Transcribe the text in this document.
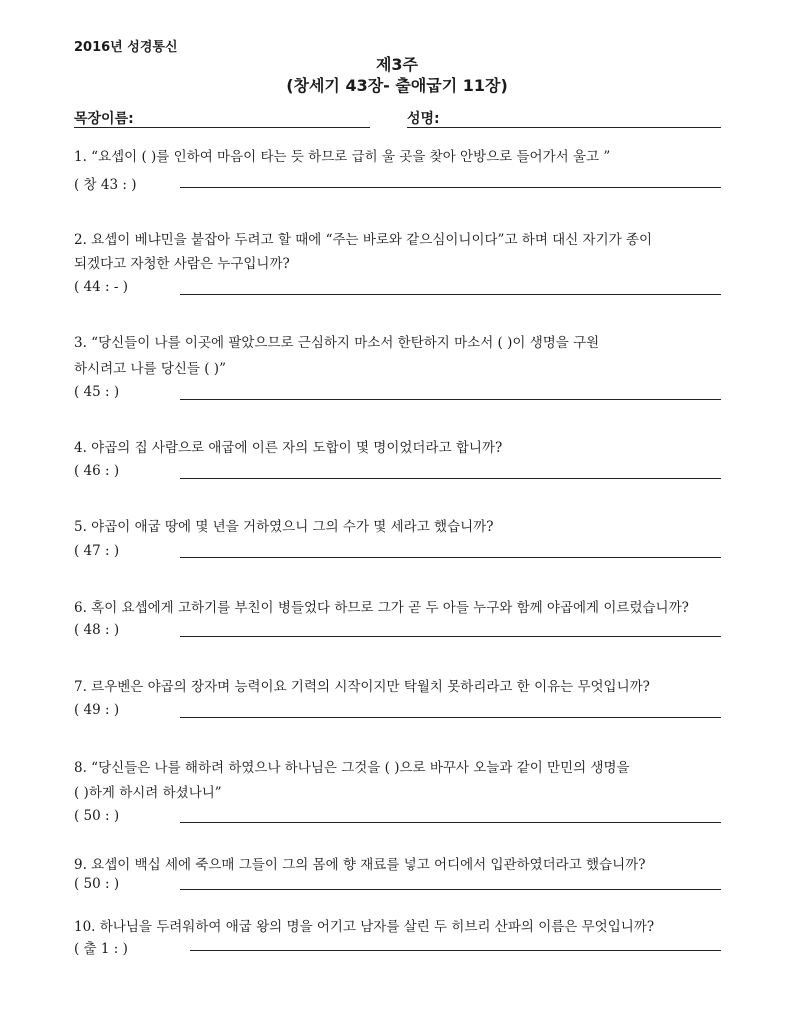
2016년 성경통신
제3주
(창세기 43장- 출애굽기 11장)
목장이름:	성명:
1. “요셉이 ( )를 인하여 마음이 타는 듯 하므로 급히 울 곳을 찾아 안방으로 들어가서 울고 ”
( 창 43 : )
2. 요셉이 베냐민을 붙잡아 두려고 할 때에 “주는 바로와 같으심이니이다”고 하며 대신 자기가 종이
되겠다고 자청한 사람은 누구입니까?
( 44 : - )
3. “당신들이 나를 이곳에 팔았으므로 근심하지 마소서 한탄하지 마소서 ( )이 생명을 구원
하시려고 나를 당신들 ( )”
( 45 : )
4. 야곱의 집 사람으로 애굽에 이른 자의 도합이 몇 명이었더라고 합니까?
( 46 : )
5. 야곱이 애굽 땅에 몇 년을 거하였으니 그의 수가 몇 세라고 했습니까?
( 47 : )
6. 혹이 요셉에게 고하기를 부친이 병들었다 하므로 그가 곧 두 아들 누구와 함께 야곱에게 이르렀습니까?
( 48 : )
7. 르우벤은 야곱의 장자며 능력이요 기력의 시작이지만 탁월치 못하리라고 한 이유는 무엇입니까?
( 49 : )
8. “당신들은 나를 해하려 하였으나 하나님은 그것을 ( )으로 바꾸사 오늘과 같이 만민의 생명을
( )하게 하시려 하셨나니”
( 50 : )
9. 요셉이 백십 세에 죽으매 그들이 그의 몸에 향 재료를 넣고 어디에서 입관하였더라고 했습니까?
( 50 : )
10. 하나님을 두려워하여 애굽 왕의 명을 어기고 남자를 살린 두 히브리 산파의 이름은 무엇입니까?
( 출 1 : )
